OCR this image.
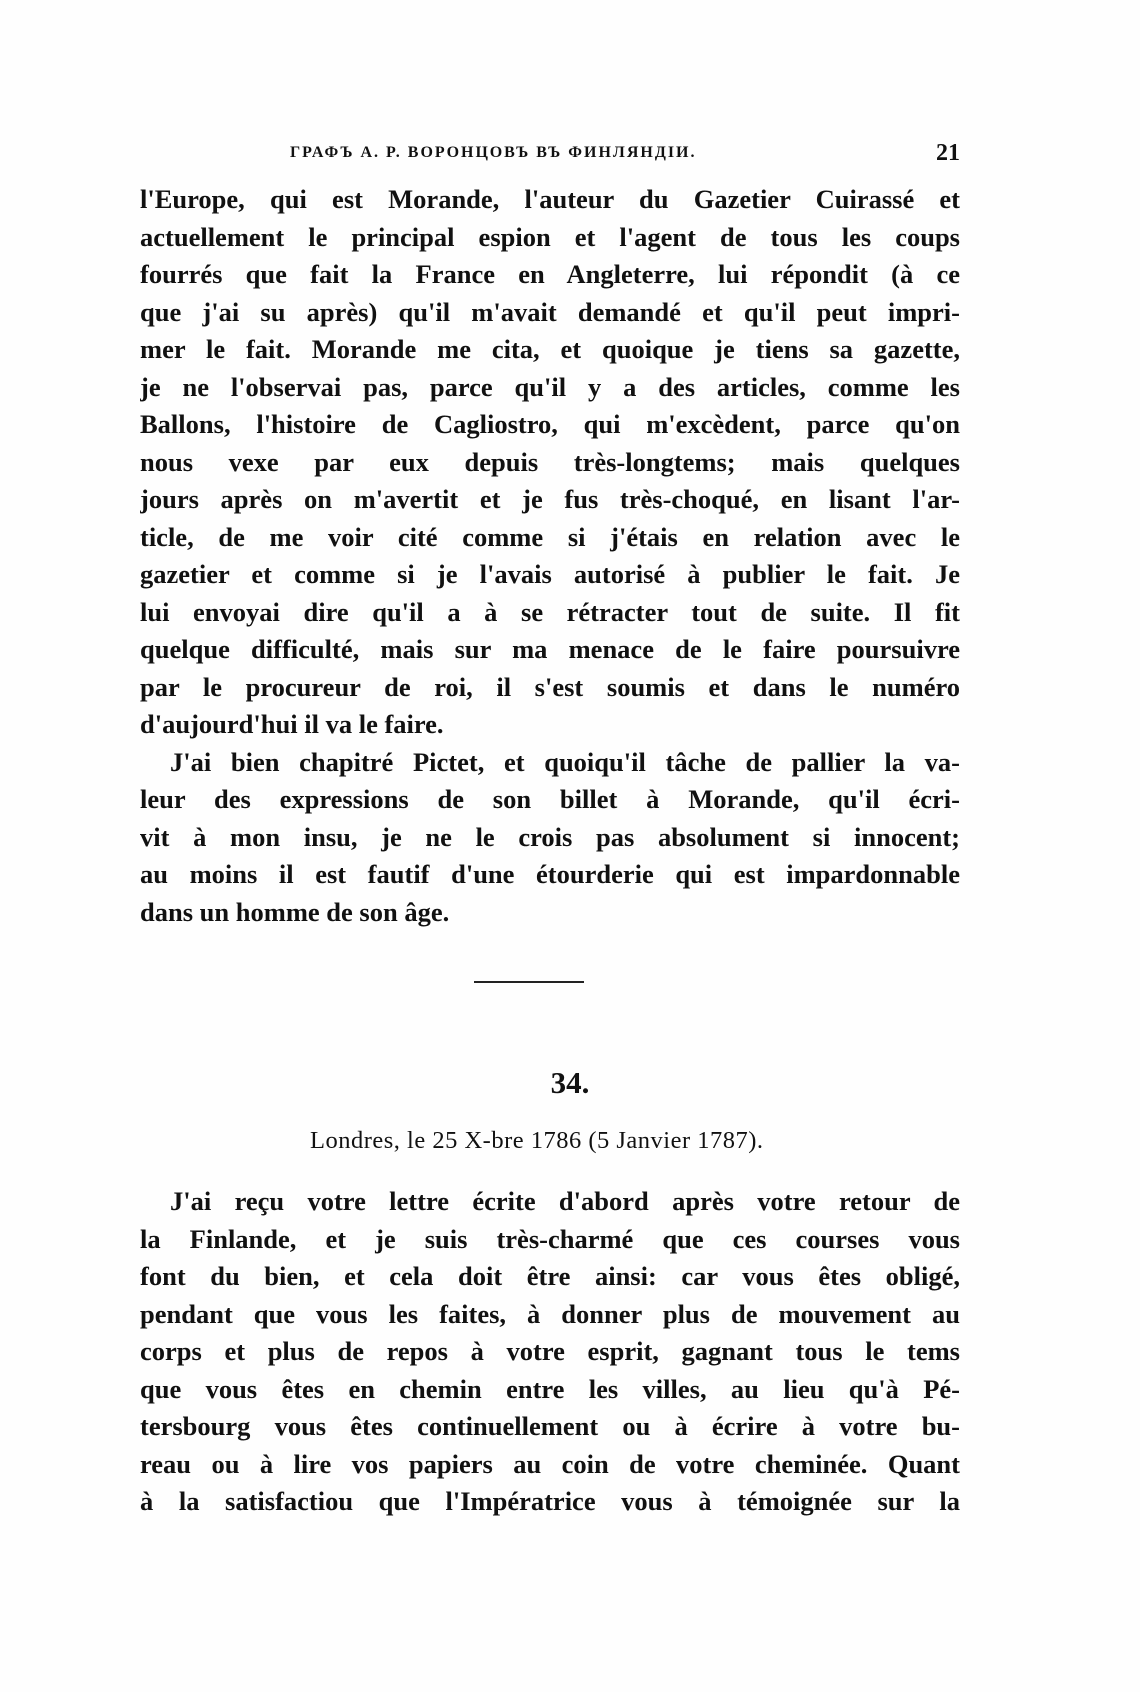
ГРАФЪ А. Р. ВОРОНЦОВЪ ВЪ ФИНЛЯНДІИ.	21
l'Europe, qui est Morande, l'auteur du Gazetier Cuirassé et
actuellement le principal espion et l'agent de tous les coups
fourrés que fait la France en Angleterre, lui répondit (à ce
que j'ai su après) qu'il m'avait demandé et qu'il peut impri-
mer le fait. Morande me cita, et quoique je tiens sa gazette,
je ne l'observai pas, parce qu'il y a des articles, comme les
Ballons, l'histoire de Cagliostro, qui m'excèdent, parce qu'on
nous vexe par eux depuis très-longtems; mais quelques
jours après on m'avertit et je fus très-choqué, en lisant l'ar-
ticle, de me voir cité comme si j'étais en relation avec le
gazetier et comme si je l'avais autorisé à publier le fait. Je
lui envoyai dire qu'il a à se rétracter tout de suite. Il fit
quelque difficulté, mais sur ma menace de le faire poursuivre
par le procureur de roi, il s'est soumis et dans le numéro
d'aujourd'hui il va le faire.
J'ai bien chapitré Pictet, et quoiqu'il tâche de pallier la va-
leur des expressions de son billet à Morande, qu'il écri-
vit à mon insu, je ne le crois pas absolument si innocent;
au moins il est fautif d'une étourderie qui est impardonnable
dans un homme de son âge.
34.
Londres, le 25 X-bre 1786 (5 Janvier 1787).
J'ai reçu votre lettre écrite d'abord après votre retour de
la Finlande, et je suis très-charmé que ces courses vous
font du bien, et cela doit être ainsi: car vous êtes obligé,
pendant que vous les faites, à donner plus de mouvement au
corps et plus de repos à votre esprit, gagnant tous le tems
que vous êtes en chemin entre les villes, au lieu qu'à Pé-
tersbourg vous êtes continuellement ou à écrire à votre bu-
reau ou à lire vos papiers au coin de votre cheminée. Quant
à la satisfactiou que l'Impératrice vous à témoignée sur la
